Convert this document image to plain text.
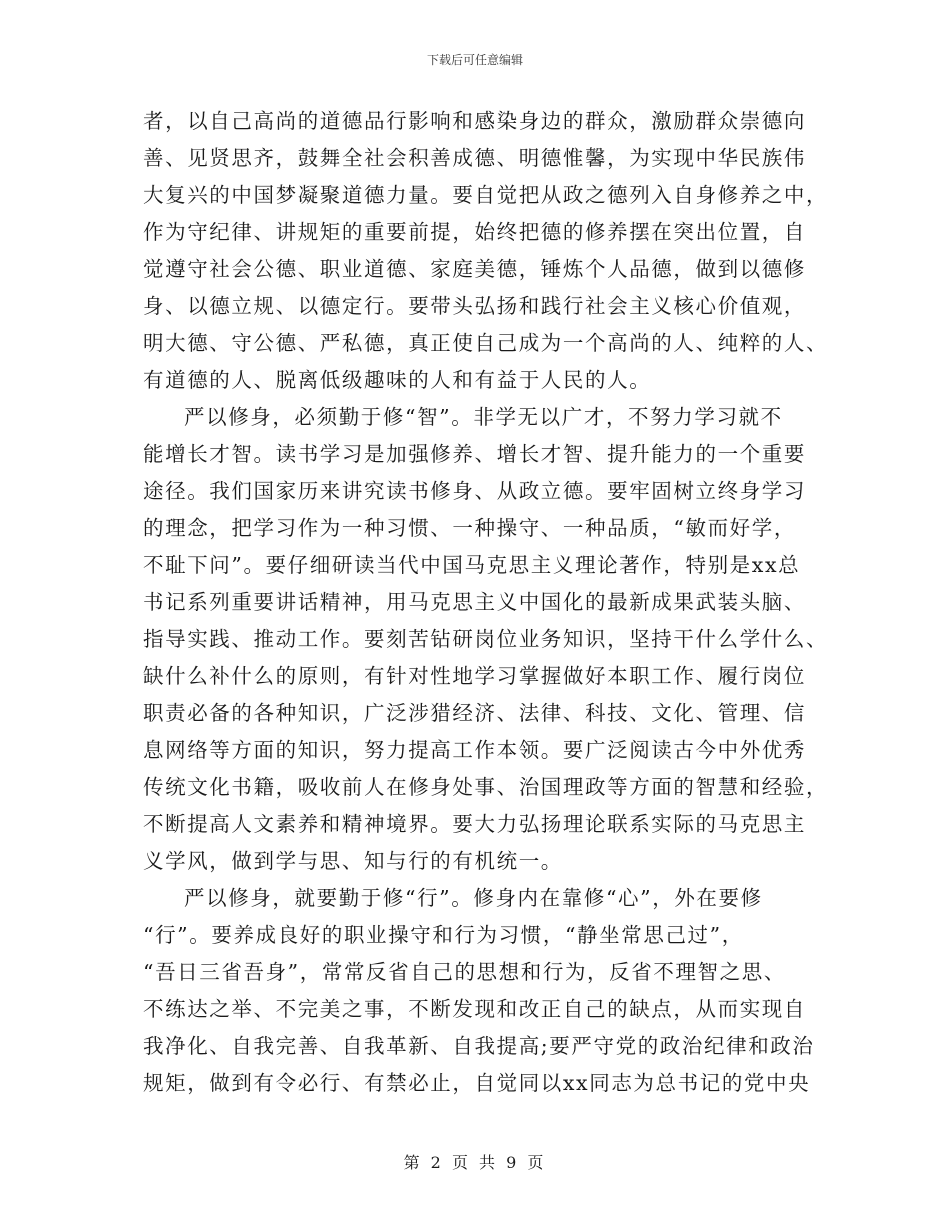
下载后可任意编辑
者，以自己高尚的道德品行影响和感染身边的群众，激励群众崇德向
善、见贤思齐，鼓舞全社会积善成德、明德惟馨，为实现中华民族伟
大复兴的中国梦凝聚道德力量。要自觉把从政之德列入自身修养之中，
作为守纪律、讲规矩的重要前提，始终把德的修养摆在突出位置，自
觉遵守社会公德、职业道德、家庭美德，锤炼个人品德，做到以德修
身、以德立规、以德定行。要带头弘扬和践行社会主义核心价值观，
明大德、守公德、严私德，真正使自己成为一个高尚的人、纯粹的人、
有道德的人、脱离低级趣味的人和有益于人民的人。
严以修身，必须勤于修“智”。非学无以广才，不努力学习就不
能增长才智。读书学习是加强修养、增长才智、提升能力的一个重要
途径。我们国家历来讲究读书修身、从政立德。要牢固树立终身学习
的理念，把学习作为一种习惯、一种操守、一种品质，“敏而好学，
不耻下问”。要仔细研读当代中国马克思主义理论著作，特别是xx总
书记系列重要讲话精神，用马克思主义中国化的最新成果武装头脑、
指导实践、推动工作。要刻苦钻研岗位业务知识，坚持干什么学什么、
缺什么补什么的原则，有针对性地学习掌握做好本职工作、履行岗位
职责必备的各种知识，广泛涉猎经济、法律、科技、文化、管理、信
息网络等方面的知识，努力提高工作本领。要广泛阅读古今中外优秀
传统文化书籍，吸收前人在修身处事、治国理政等方面的智慧和经验，
不断提高人文素养和精神境界。要大力弘扬理论联系实际的马克思主
义学风，做到学与思、知与行的有机统一。
严以修身，就要勤于修“行”。修身内在靠修“心”，外在要修
“行”。要养成良好的职业操守和行为习惯，“静坐常思己过”，
“吾日三省吾身”，常常反省自己的思想和行为，反省不理智之思、
不练达之举、不完美之事，不断发现和改正自己的缺点，从而实现自
我净化、自我完善、自我革新、自我提高;要严守党的政治纪律和政治
规矩，做到有令必行、有禁必止，自觉同以xx同志为总书记的党中央
第 2 页 共 9 页
